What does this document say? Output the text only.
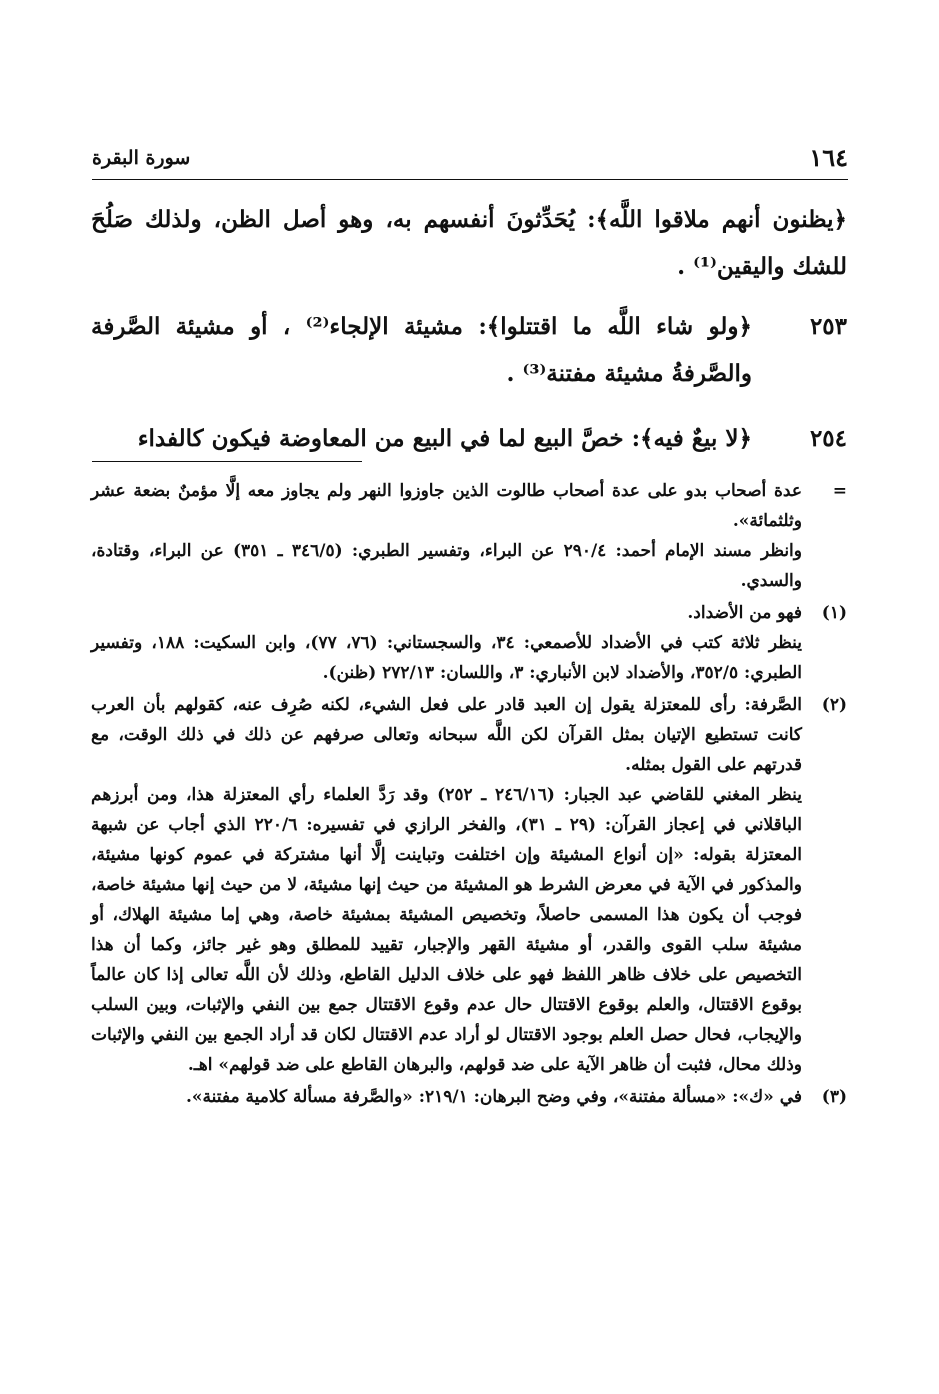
١٦٤
سورة البقرة
﴿يظنون أنهم ملاقوا اللَّه﴾: يُحَدِّثونَ أنفسهم به، وهو أصل الظن، ولذلك صَلُحَ للشك واليقين⁽¹⁾ .
٢٥٣
﴿ولو شاء اللَّه ما اقتتلوا﴾: مشيئة الإلجاء⁽²⁾ ، أو مشيئة الصَّرفة والصَّرفةُ مشيئة مفتنة⁽³⁾ .
٢٥٤
﴿لا بيعٌ فيه﴾: خصَّ البيع لما في البيع من المعاوضة فيكون كالفداء
=

عدة أصحاب بدو على عدة أصحاب طالوت الذين جاوزوا النهر ولم يجاوز معه إلَّا مؤمنٌ بضعة عشر وثلثمائة».

وانظر مسند الإمام أحمد: ٢٩٠/٤ عن البراء، وتفسير الطبري: (٣٤٦/٥ ـ ٣٥١) عن البراء، وقتادة، والسدي.

(١)

فهو من الأضداد.

ينظر ثلاثة كتب في الأضداد للأصمعي: ٣٤، والسجستاني: (٧٦، ٧٧)، وابن السكيت: ١٨٨، وتفسير الطبري: ٣٥٢/٥، والأضداد لابن الأنباري: ٣، واللسان: ٢٧٢/١٣ (ظنن).

(٢)

الصَّرفة: رأى للمعتزلة يقول إن العبد قادر على فعل الشيء، لكنه صُرِف عنه، كقولهم بأن العرب كانت تستطيع الإتيان بمثل القرآن لكن اللَّه سبحانه وتعالى صرفهم عن ذلك في ذلك الوقت، مع قدرتهم على القول بمثله.

ينظر المغني للقاضي عبد الجبار: (٢٤٦/١٦ ـ ٢٥٢) وقد رَدَّ العلماء رأي المعتزلة هذا، ومن أبرزهم الباقلاني في إعجاز القرآن: (٢٩ ـ ٣١)، والفخر الرازي في تفسيره: ٢٢٠/٦ الذي أجاب عن شبهة المعتزلة بقوله: «إن أنواع المشيئة وإن اختلفت وتباينت إلَّا أنها مشتركة في عموم كونها مشيئة، والمذكور في الآية في معرض الشرط هو المشيئة من حيث إنها مشيئة، لا من حيث إنها مشيئة خاصة، فوجب أن يكون هذا المسمى حاصلاً، وتخصيص المشيئة بمشيئة خاصة، وهي إما مشيئة الهلاك، أو مشيئة سلب القوى والقدر، أو مشيئة القهر والإجبار، تقييد للمطلق وهو غير جائز، وكما أن هذا التخصيص على خلاف ظاهر اللفظ فهو على خلاف الدليل القاطع، وذلك لأن اللَّه تعالى إذا كان عالماً بوقوع الاقتتال، والعلم بوقوع الاقتتال حال عدم وقوع الاقتتال جمع بين النفي والإثبات، وبين السلب والإيجاب، فحال حصل العلم بوجود الاقتتال لو أراد عدم الاقتتال لكان قد أراد الجمع بين النفي والإثبات وذلك محال، فثبت أن ظاهر الآية على ضد قولهم، والبرهان القاطع على ضد قولهم» اهـ.

(٣)

في «ك»: «مسألة مفتنة»، وفي وضح البرهان: ٢١٩/١: «والصَّرفة مسألة كلامية مفتنة».
